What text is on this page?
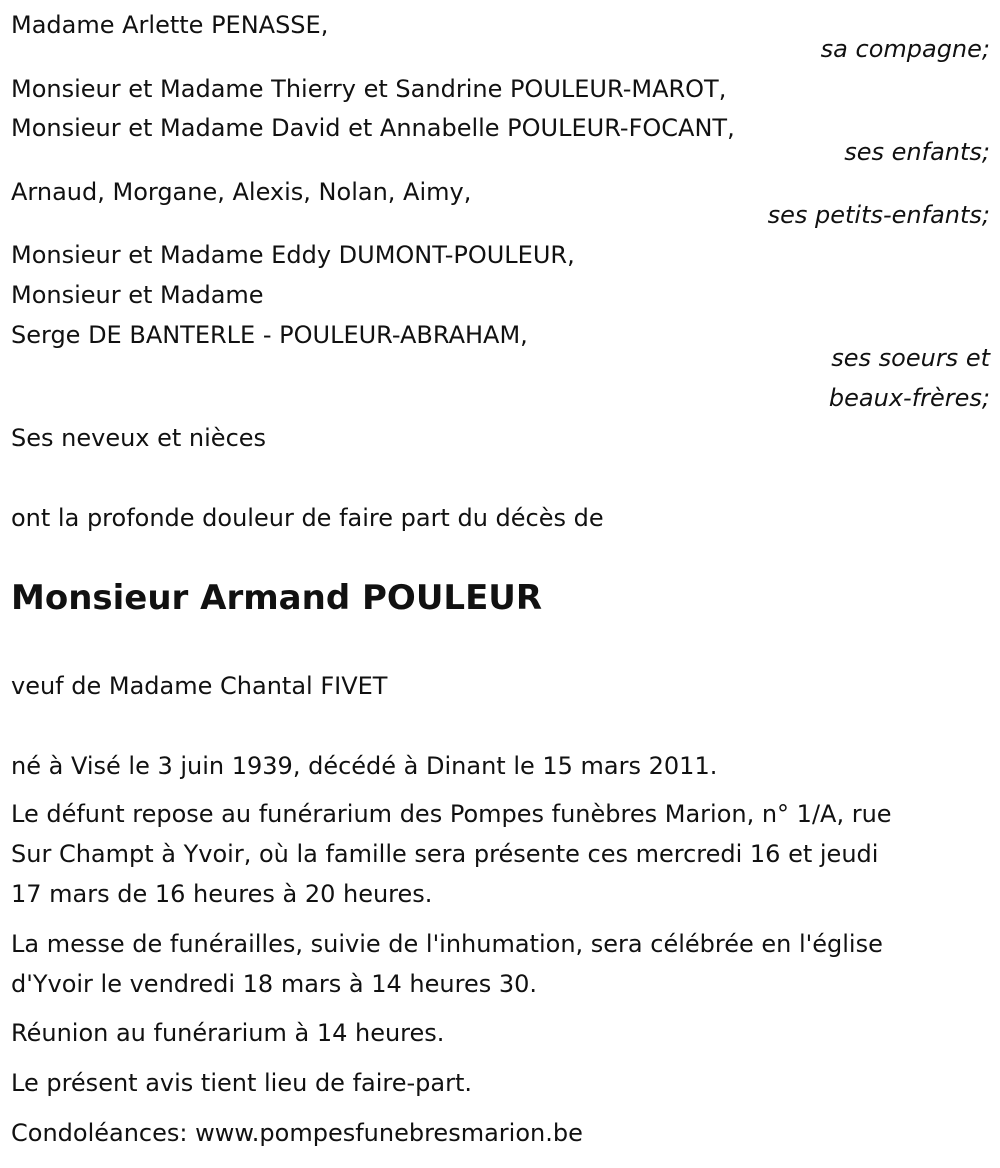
Madame Arlette PENASSE,
sa compagne;
Monsieur et Madame Thierry et Sandrine POULEUR-MAROT,
Monsieur et Madame David et Annabelle POULEUR-FOCANT,
ses enfants;
Arnaud, Morgane, Alexis, Nolan, Aimy,
ses petits-enfants;
Monsieur et Madame Eddy DUMONT-POULEUR,
Monsieur et Madame
Serge DE BANTERLE - POULEUR-ABRAHAM,
ses soeurs et
beaux-frères;
Ses neveux et nièces
ont la profonde douleur de faire part du décès de
Monsieur Armand POULEUR
veuf de Madame Chantal FIVET
né à Visé le 3 juin 1939, décédé à Dinant le 15 mars 2011.
Le défunt repose au funérarium des Pompes funèbres Marion, n° 1/A, rue
Sur Champt à Yvoir, où la famille sera présente ces mercredi 16 et jeudi
17 mars de 16 heures à 20 heures.
La messe de funérailles, suivie de l'inhumation, sera célébrée en l'église
d'Yvoir le vendredi 18 mars à 14 heures 30.
Réunion au funérarium à 14 heures.
Le présent avis tient lieu de faire-part.
Condoléances: www.pompesfunebresmarion.be
